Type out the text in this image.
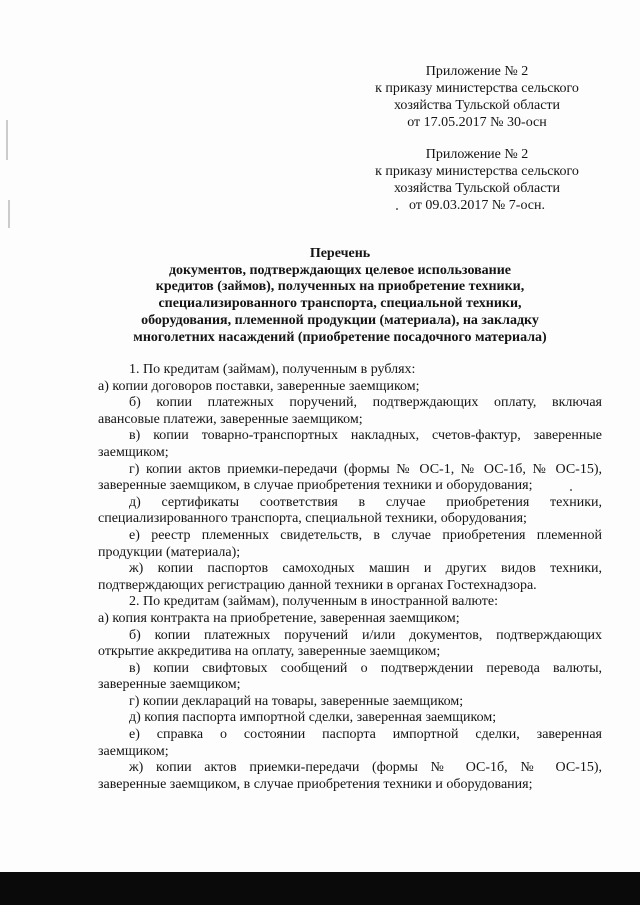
Приложение № 2
к приказу министерства сельского
хозяйства Тульской области
от 17.05.2017 № 30-осн
Приложение № 2
к приказу министерства сельского
хозяйства Тульской области
от 09.03.2017 № 7-осн.
Перечень
документов, подтверждающих целевое использование
кредитов (займов), полученных на приобретение техники,
специализированного транспорта, специальной техники,
оборудования, племенной продукции (материала), на закладку
многолетних насаждений (приобретение посадочного материала)
1. По кредитам (займам), полученным в рублях:
а) копии договоров поставки, заверенные заемщиком;
б) копии платежных поручений, подтверждающих оплату, включая
авансовые платежи, заверенные заемщиком;
в) копии товарно-транспортных накладных, счетов-фактур, заверенные
заемщиком;
г) копии актов приемки-передачи (формы № ОС-1, № ОС-1б, № ОС-15),
заверенные заемщиком, в случае приобретения техники и оборудования;
д) сертификаты соответствия в случае приобретения техники,
специализированного транспорта, специальной техники, оборудования;
е) реестр племенных свидетельств, в случае приобретения племенной
продукции (материала);
ж) копии паспортов самоходных машин и других видов техники,
подтверждающих регистрацию данной техники в органах Гостехнадзора.
2. По кредитам (займам), полученным в иностранной валюте:
а) копия контракта на приобретение, заверенная заемщиком;
б) копии платежных поручений и/или документов, подтверждающих
открытие аккредитива на оплату, заверенные заемщиком;
в) копии свифтовых сообщений о подтверждении перевода валюты,
заверенные заемщиком;
г) копии деклараций на товары, заверенные заемщиком;
д) копия паспорта импортной сделки, заверенная заемщиком;
е) справка о состоянии паспорта импортной сделки, заверенная
заемщиком;
ж) копии актов приемки-передачи (формы № ОС-1б, № ОС-15),
заверенные заемщиком, в случае приобретения техники и оборудования;
